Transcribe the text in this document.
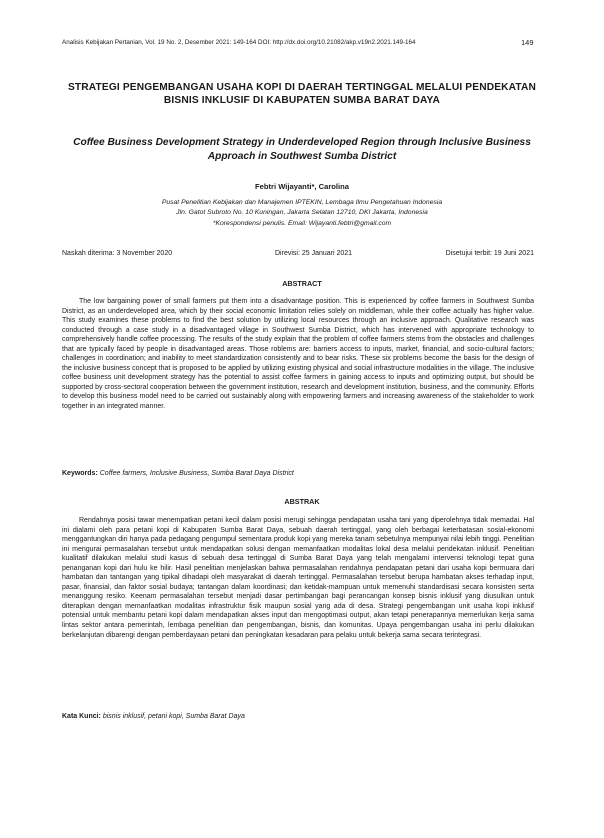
Analisis Kebijakan Pertanian, Vol. 19 No. 2, Desember 2021: 149-164 DOI: http://dx.doi.org/10.21082/akp.v19n2.2021.149-164	149
STRATEGI PENGEMBANGAN USAHA KOPI DI DAERAH TERTINGGAL MELALUI PENDEKATAN BISNIS INKLUSIF DI KABUPATEN SUMBA BARAT DAYA
Coffee Business Development Strategy in Underdeveloped Region through Inclusive Business Approach in Southwest Sumba District
Febtri Wijayanti*, Carolina
Pusat Penelitian Kebijakan dan Manajemen IPTEKIN, Lembaga Ilmu Pengetahuan Indonesia
Jln. Gatot Subroto No. 10 Kuningan, Jakarta Selatan 12710, DKI Jakarta, Indonesia
*Korespondensi penulis. Email: Wijayanti.febtri@gmail.com
Naskah diterima: 3 November 2020	Direvisi: 25 Januari 2021	Disetujui terbit: 19 Juni 2021
ABSTRACT

The low bargaining power of small farmers put them into a disadvantage position. This is experienced by coffee farmers in Southwest Sumba District, as an underdeveloped area, which by their social economic limitation relies solely on middleman, while their coffee actually has higher value. This study examines these problems to find the best solution by utilizing local resources through an inclusive approach. Qualitative research was conducted through a case study in a disadvantaged village in Southwest Sumba District, which has intervened with appropriate technology to comprehensively handle coffee processing. The results of the study explain that the problem of coffee farmers stems from the obstacles and challenges that are typically faced by people in disadvantaged areas. Those roblems are: barriers access to inputs, market, financial, and socio-cultural factors; challenges in coordination; and inability to meet standardization consistently and to bear risks. These six problems become the basis for the design of the inclusive business concept that is proposed to be applied by utilizing existing physical and social infrastructure modalities in the village. The inclusive coffee business unit development strategy has the potential to assist coffee farmers in gaining access to inputs and optimizing output, but should be supported by cross-sectoral cooperation between the government institution, research and development institution, business, and the community. Efforts to develop this business model need to be carried out sustainably along with empowering farmers and increasing awareness of the stakeholder to work together in an integrated manner.

Keywords: Coffee farmers, Inclusive Business, Sumba Barat Daya District
ABSTRAK

Rendahnya posisi tawar menempatkan petani kecil dalam posisi merugi sehingga pendapatan usaha tani yang diperolehnya tidak memadai. Hal ini dialami oleh para petani kopi di Kabupaten Sumba Barat Daya, sebuah daerah tertinggal, yang oleh berbagai keterbatasan sosial-ekonomi menggantungkan diri hanya pada pedagang pengumpul sementara produk kopi yang mereka tanam sebetulnya mempunyai nilai lebih tinggi. Penelitian ini mengurai permasalahan tersebut untuk mendapatkan solusi dengan memanfaatkan modalitas lokal desa melalui pendekatan inklusif. Penelitian kualitatif dilakukan melalui studi kasus di sebuah desa tertinggal di Sumba Barat Daya yang telah mengalami intervensi teknologi tepat guna penanganan kopi dari hulu ke hilir. Hasil penelitian menjelaskan bahwa permasalahan rendahnya pendapatan petani dari usaha kopi bermuara dari hambatan dan tantangan yang tipikal dihadapi oleh masyarakat di daerah tertinggal. Permasalahan tersebut berupa hambatan akses terhadap input, pasar, finansial, dan faktor sosial budaya; tantangan dalam koordinasi; dan ketidak-mampuan untuk memenuhi standardisasi secara konsisten serta menanggung resiko. Keenam permasalahan tersebut menjadi dasar pertimbangan bagi perancangan konsep bisnis inklusif yang diusulkan untuk diterapkan dengan memanfaatkan modalitas infrastruktur fisik maupun sosial yang ada di desa. Strategi pengembangan unit usaha kopi inklusif potensial untuk membantu petani kopi dalam mendapatkan akses input dan mengoptimasi output, akan tetapi penerapannya memerlukan kerja sama lintas sektor antara pemerintah, lembaga penelitian dan pengembangan, bisnis, dan komunitas. Upaya pengembangan usaha ini perlu dilakukan berkelanjutan dibarengi dengan pemberdayaan petani dan peningkatan kesadaran para pelaku untuk bekerja sama secara terintegrasi.

Kata Kunci: bisnis inklusif, petani kopi, Sumba Barat Daya
